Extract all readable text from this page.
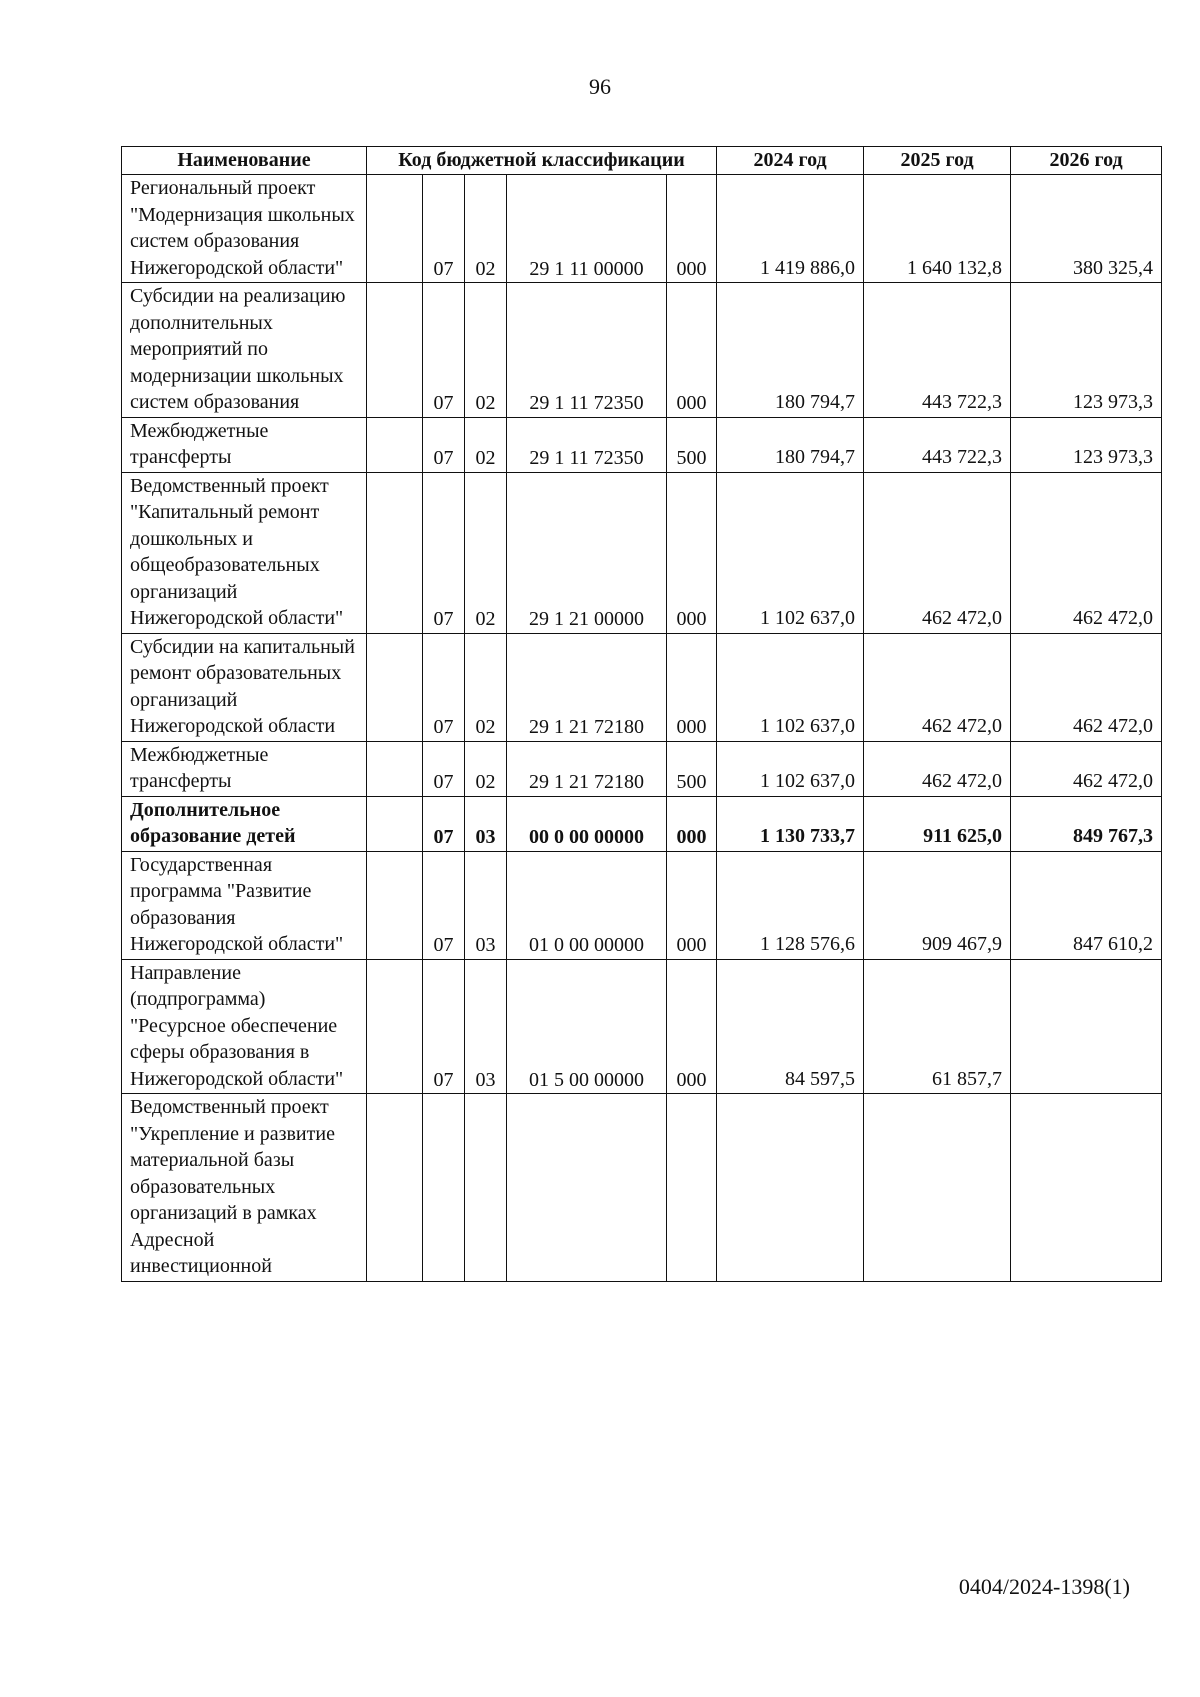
96
Наименование	Код бюджетной классификации					2024 год	2025 год	2026 год
Региональный проект "Модернизация школьных систем образования Нижегородской области"		07	02	29 1 11 00000	000	1 419 886,0	1 640 132,8	380 325,4
Субсидии на реализацию дополнительных мероприятий по модернизации школьных систем образования		07	02	29 1 11 72350	000	180 794,7	443 722,3	123 973,3
Межбюджетные трансферты		07	02	29 1 11 72350	500	180 794,7	443 722,3	123 973,3
Ведомственный проект "Капитальный ремонт дошкольных и общеобразовательных организаций Нижегородской области"		07	02	29 1 21 00000	000	1 102 637,0	462 472,0	462 472,0
Субсидии на капитальный ремонт образовательных организаций Нижегородской области		07	02	29 1 21 72180	000	1 102 637,0	462 472,0	462 472,0
Межбюджетные трансферты		07	02	29 1 21 72180	500	1 102 637,0	462 472,0	462 472,0
Дополнительное образование детей		07	03	00 0 00 00000	000	1 130 733,7	911 625,0	849 767,3
Государственная программа "Развитие образования Нижегородской области"		07	03	01 0 00 00000	000	1 128 576,6	909 467,9	847 610,2
Направление (подпрограмма) "Ресурсное обеспечение сферы образования в Нижегородской области"		07	03	01 5 00 00000	000	84 597,5	61 857,7	
Ведомственный проект "Укрепление и развитие материальной базы образовательных организаций в рамках Адресной инвестиционной								
0404/2024-1398(1)
